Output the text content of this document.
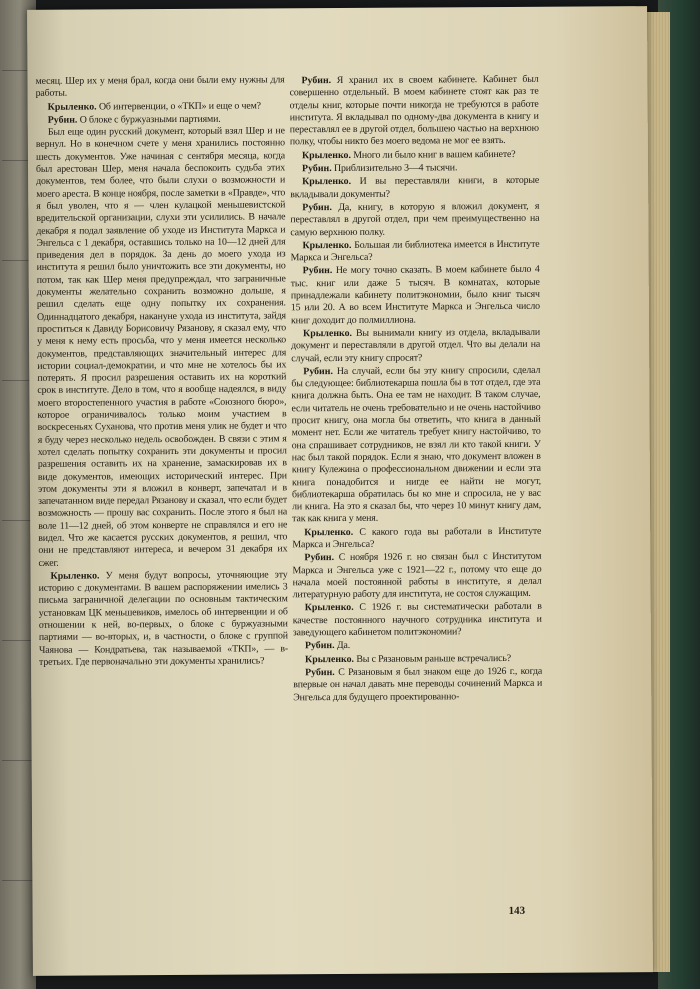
месяц. Шер их у меня брал, когда они были ему нужны для работы.

Крыленко. Об интервенции, о «ТКП» и еще о чем?

Рубин. О блоке с буржуазными партиями.

Был еще один русский документ, который взял Шер и не вернул. Но в конечном счете у меня хранились постоянно шесть документов. Уже начиная с сентября месяца, когда был арестован Шер, меня начала беспокоить судьба этих документов, тем более, что были слухи о возможности и моего ареста. В конце ноября, после заметки в «Правде», что я был уволен, что я — член кулацкой меньшевистской вредительской организации, слухи эти усилились. В начале декабря я подал заявление об уходе из Института Маркса и Энгельса с 1 декабря, оставшись только на 10—12 дней для приведения дел в порядок. За день до моего ухода из института я решил было уничтожить все эти документы, но потом, так как Шер меня предупреждал, что заграничные документы желательно сохранить возможно дольше, я решил сделать еще одну попытку их сохранения. Одиннадцатого декабря, накануне ухода из института, зайдя проститься к Давиду Борисовичу Рязанову, я сказал ему, что у меня к нему есть просьба, что у меня имеется несколько документов, представляющих значительный интерес для истории социал-демократии, и что мне не хотелось бы их потерять. Я просил разрешения оставить их на короткий срок в институте. Дело в том, что я вообще надеялся, в виду моего второстепенного участия в работе «Союзного бюро», которое ограничивалось только моим участием в воскресеньях Суханова, что против меня улик не будет и что я буду через несколько недель освобожден. В связи с этим я хотел сделать попытку сохранить эти документы и просил разрешения оставить их на хранение, замаскировав их в виде документов, имеющих исторический интерес. При этом документы эти я вложил в конверт, запечатал и в запечатанном виде передал Рязанову и сказал, что если будет возможность — прошу вас сохранить. После этого я был на воле 11—12 дней, об этом конверте не справлялся и его не видел. Что же касается русских документов, я решил, что они не представляют интереса, и вечером 31 декабря их сжег.

Крыленко. У меня будут вопросы, уточняющие эту историю с документами. В вашем распоряжении имелись 3 письма заграничной делегации по основным тактическим установкам ЦК меньшевиков, имелось об интервенции и об отношении к ней, во-первых, о блоке с буржуазными партиями — во-вторых, и, в частности, о блоке с группой Чаянова — Кондратьева, так называемой «ТКП», — в-третьих. Где первоначально эти документы хранились?

Рубин. Я хранил их в своем кабинете. Кабинет был совершенно отдельный. В моем кабинете стоят как раз те отделы книг, которые почти никогда не требуются в работе института. Я вкладывал по одному-два документа в книгу и переставлял ее в другой отдел, большею частью на верхнюю полку, чтобы никто без моего ведома не мог ее взять.

Крыленко. Много ли было книг в вашем кабинете?

Рубин. Приблизительно 3—4 тысячи.

Крыленко. И вы переставляли книги, в которые вкладывали документы?

Рубин. Да, книгу, в которую я вложил документ, я переставлял в другой отдел, при чем преимущественно на самую верхнюю полку.

Крыленко. Большая ли библиотека имеется в Институте Маркса и Энгельса?

Рубин. Не могу точно сказать. В моем кабинете было 4 тыс. книг или даже 5 тысяч. В комнатах, которые принадлежали кабинету политэкономии, было книг тысяч 15 или 20. А во всем Институте Маркса и Энгельса число книг доходит до полмиллиона.

Крыленко. Вы вынимали книгу из отдела, вкладывали документ и переставляли в другой отдел. Что вы делали на случай, если эту книгу спросят?

Рубин. На случай, если бы эту книгу спросили, сделал бы следующее: библиотекарша пошла бы в тот отдел, где эта книга должна быть. Она ее там не находит. В таком случае, если читатель не очень требовательно и не очень настойчиво просит книгу, она могла бы ответить, что книга в данный момент нет. Если же читатель требует книгу настойчиво, то она спрашивает сотрудников, не взял ли кто такой книги. У нас был такой порядок. Если я знаю, что документ вложен в книгу Кулежина о профессиональном движении и если эта книга понадобится и нигде ее найти не могут, библиотекарша обратилась бы ко мне и спросила, не у вас ли книга. На это я сказал бы, что через 10 минут книгу дам, так как книга у меня.

Крыленко. С какого года вы работали в Институте Маркса и Энгельса?

Рубин. С ноября 1926 г. но связан был с Институтом Маркса и Энгельса уже с 1921—22 г., потому что еще до начала моей постоянной работы в институте, я делал литературную работу для института, не состоя служащим.

Крыленко. С 1926 г. вы систематически работали в качестве постоянного научного сотрудника института и заведующего кабинетом политэкономии?

Рубин. Да.

Крыленко. Вы с Рязановым раньше встречались?

Рубин. С Рязановым я был знаком еще до 1926 г., когда впервые он начал давать мне переводы сочинений Маркса и Энгельса для будущего проектированно-

143
